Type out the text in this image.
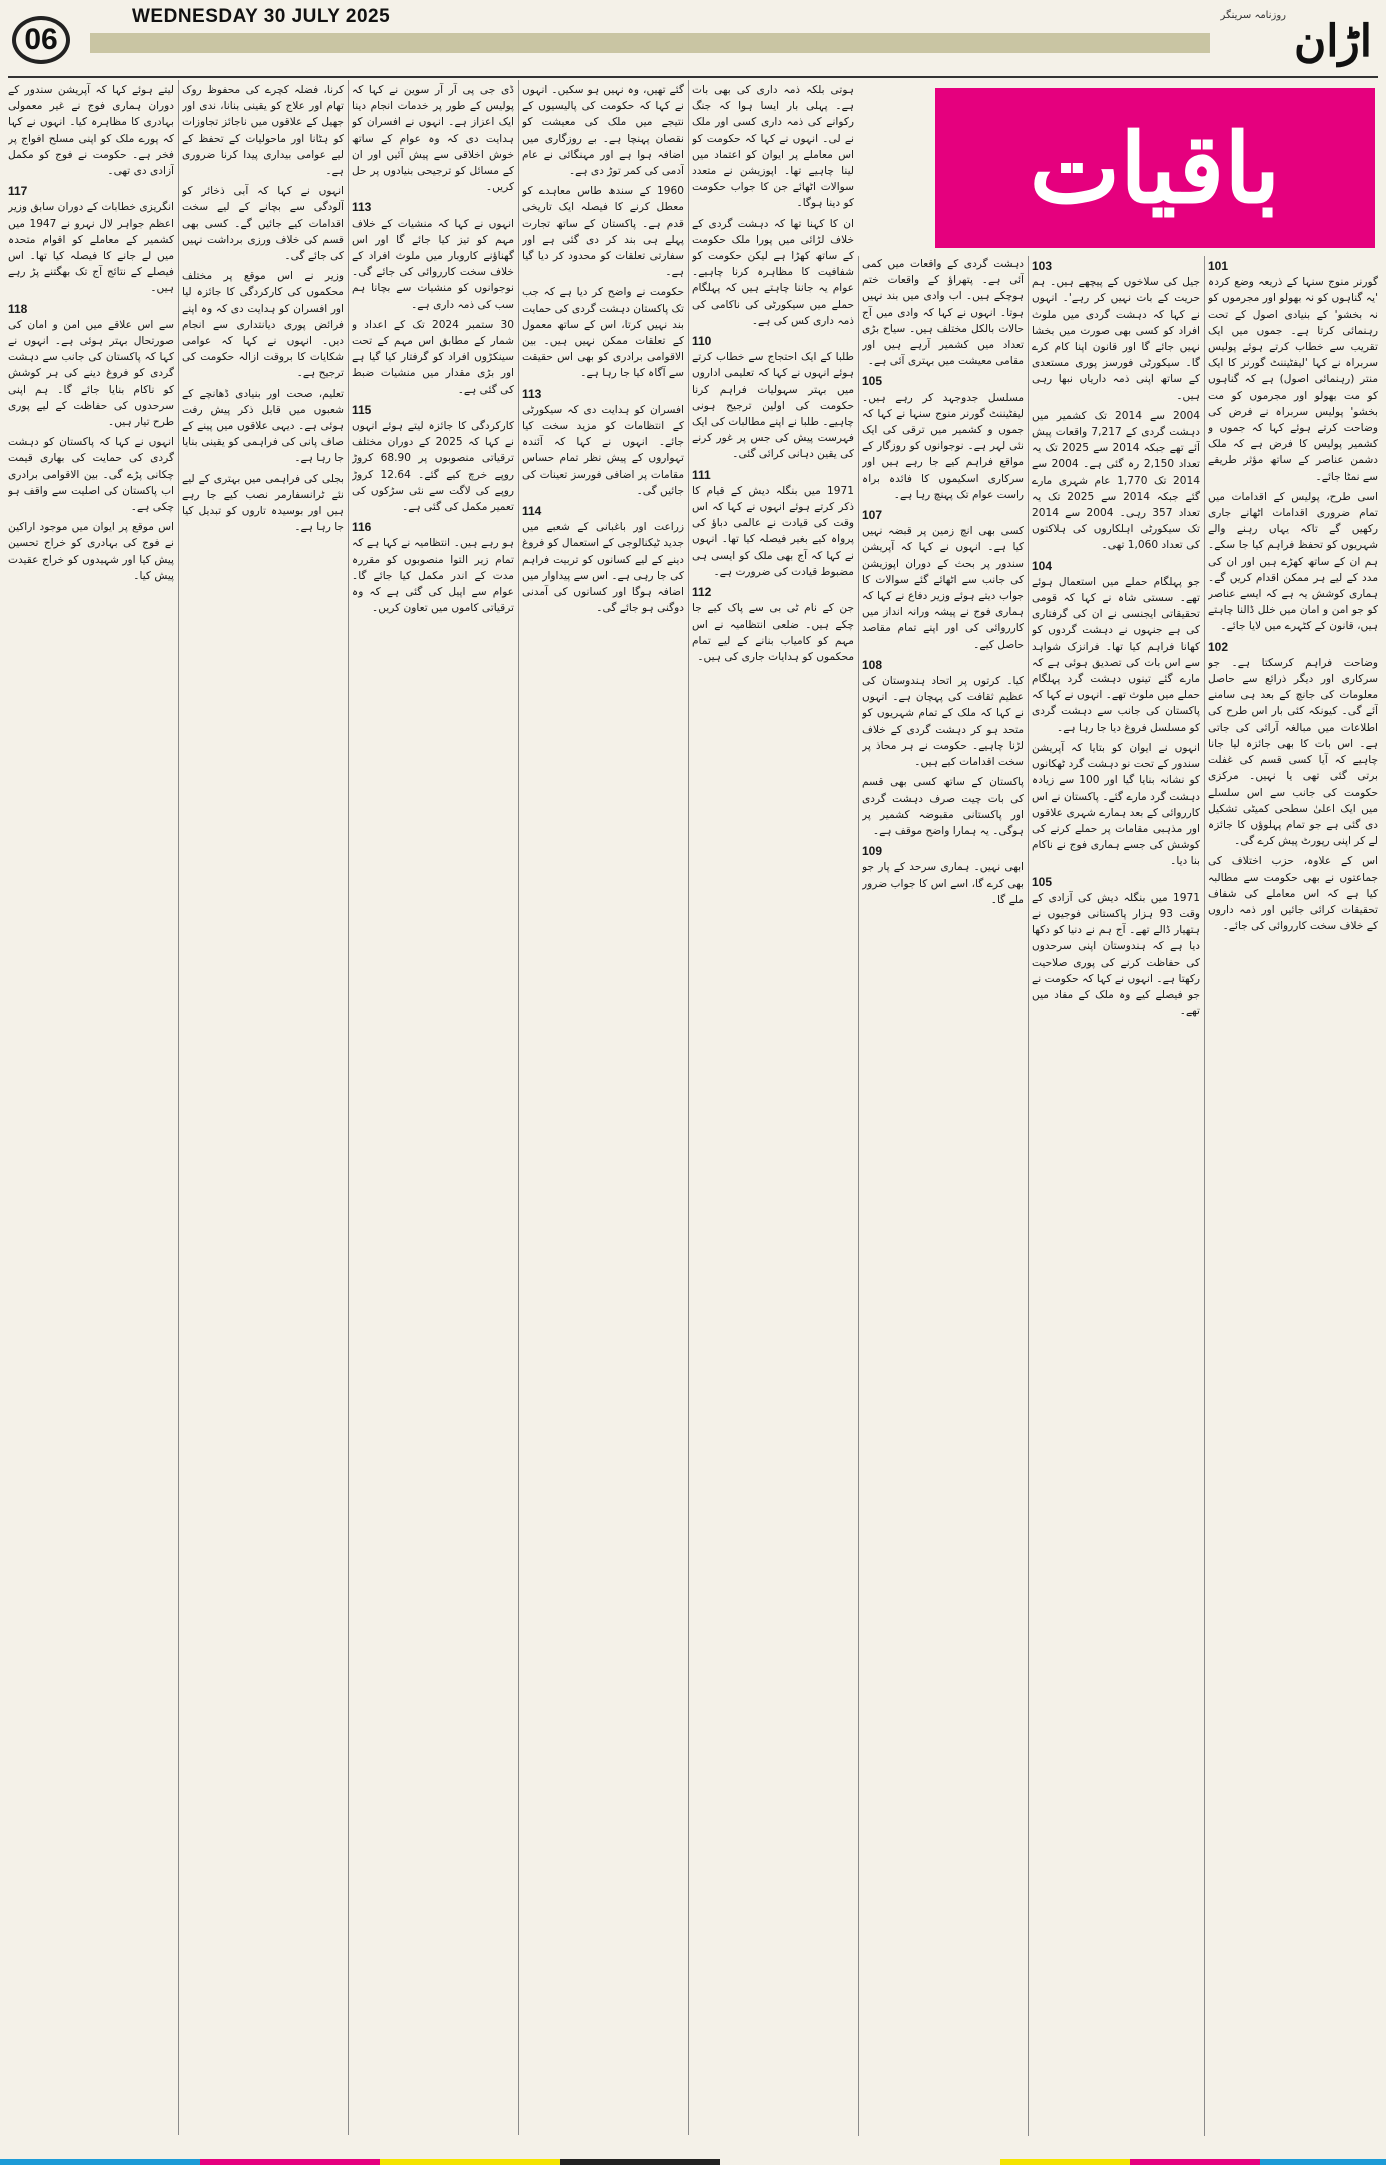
06
WEDNESDAY 30 JULY 2025	روزنامہ سرینگر
اڑان
باقیات
101

گورنر منوج سنہا کے ذریعہ وضع کردہ 'یہ گناہوں کو نہ بھولو اور مجرموں کو نہ بخشو' کے بنیادی اصول کے تحت رہنمائی کرتا ہے۔ جموں میں ایک تقریب سے خطاب کرتے ہوئے پولیس سربراہ نے کہا 'لیفٹیننٹ گورنر کا ایک منتر (رہنمائی اصول) ہے کہ گناہوں کو مت بھولو اور مجرموں کو مت بخشو' پولیس سربراہ نے فرض کی وضاحت کرتے ہوئے کہا کہ جموں و کشمیر پولیس کا فرض ہے کہ ملک دشمن عناصر کے ساتھ مؤثر طریقے سے نمٹا جائے۔

اسی طرح، پولیس کے اقدامات میں تمام ضروری اقدامات اٹھانے جاری رکھیں گے تاکہ یہاں رہنے والے شہریوں کو تحفظ فراہم کیا جا سکے۔ ہم ان کے ساتھ کھڑے ہیں اور ان کی مدد کے لیے ہر ممکن اقدام کریں گے۔ ہماری کوشش یہ ہے کہ ایسے عناصر کو جو امن و امان میں خلل ڈالنا چاہتے ہیں، قانون کے کٹہرے میں لایا جائے۔

102

وضاحت فراہم کرسکتا ہے۔ جو سرکاری اور دیگر ذرائع سے حاصل معلومات کی جانچ کے بعد ہی سامنے آئے گی۔ کیونکہ کئی بار اس طرح کی اطلاعات میں مبالغہ آرائی کی جاتی ہے۔ اس بات کا بھی جائزہ لیا جانا چاہیے کہ آیا کسی قسم کی غفلت برتی گئی تھی یا نہیں۔ مرکزی حکومت کی جانب سے اس سلسلے میں ایک اعلیٰ سطحی کمیٹی تشکیل دی گئی ہے جو تمام پہلوؤں کا جائزہ لے کر اپنی رپورٹ پیش کرے گی۔

اس کے علاوہ، حزب اختلاف کی جماعتوں نے بھی حکومت سے مطالبہ کیا ہے کہ اس معاملے کی شفاف تحقیقات کرائی جائیں اور ذمہ داروں کے خلاف سخت کارروائی کی جائے۔

103

جیل کی سلاخوں کے پیچھے ہیں۔ ہم حریت کے بات نہیں کر رہے'۔ انہوں نے کہا کہ دہشت گردی میں ملوث افراد کو کسی بھی صورت میں بخشا نہیں جائے گا اور قانون اپنا کام کرے گا۔ سیکورٹی فورسز پوری مستعدی کے ساتھ اپنی ذمہ داریاں نبھا رہی ہیں۔

2004 سے 2014 تک کشمیر میں دہشت گردی کے 7,217 واقعات پیش آئے تھے جبکہ 2014 سے 2025 تک یہ تعداد 2,150 رہ گئی ہے۔ 2004 سے 2014 تک 1,770 عام شہری مارے گئے جبکہ 2014 سے 2025 تک یہ تعداد 357 رہی۔ 2004 سے 2014 تک سیکورٹی اہلکاروں کی ہلاکتوں کی تعداد 1,060 تھی۔

104

جو پہلگام حملے میں استعمال ہوئے تھے۔ سستی شاہ نے کہا کہ قومی تحقیقاتی ایجنسی نے ان کی گرفتاری کی ہے جنہوں نے دہشت گردوں کو کھانا فراہم کیا تھا۔ فرانزک شواہد سے اس بات کی تصدیق ہوئی ہے کہ مارے گئے تینوں دہشت گرد پہلگام حملے میں ملوث تھے۔ انہوں نے کہا کہ پاکستان کی جانب سے دہشت گردی کو مسلسل فروغ دیا جا رہا ہے۔

انہوں نے ایوان کو بتایا کہ آپریشن سندور کے تحت نو دہشت گرد ٹھکانوں کو نشانہ بنایا گیا اور 100 سے زیادہ دہشت گرد مارے گئے۔ پاکستان نے اس کارروائی کے بعد ہمارے شہری علاقوں اور مذہبی مقامات پر حملے کرنے کی کوشش کی جسے ہماری فوج نے ناکام بنا دیا۔

105

1971 میں بنگلہ دیش کی آزادی کے وقت 93 ہزار پاکستانی فوجیوں نے ہتھیار ڈالے تھے۔ آج ہم نے دنیا کو دکھا دیا ہے کہ ہندوستان اپنی سرحدوں کی حفاظت کرنے کی پوری صلاحیت رکھتا ہے۔ انہوں نے کہا کہ حکومت نے جو فیصلے کیے وہ ملک کے مفاد میں تھے۔

دہشت گردی کے واقعات میں کمی آئی ہے۔ پتھراؤ کے واقعات ختم ہوچکے ہیں۔ اب وادی میں بند نہیں ہوتا۔ انہوں نے کہا کہ وادی میں آج حالات بالکل مختلف ہیں۔ سیاح بڑی تعداد میں کشمیر آرہے ہیں اور مقامی معیشت میں بہتری آئی ہے۔

105

مسلسل جدوجہد کر رہے ہیں۔ لیفٹیننٹ گورنر منوج سنہا نے کہا کہ جموں و کشمیر میں ترقی کی ایک نئی لہر ہے۔ نوجوانوں کو روزگار کے مواقع فراہم کیے جا رہے ہیں اور سرکاری اسکیموں کا فائدہ براہ راست عوام تک پہنچ رہا ہے۔

107

کسی بھی انچ زمین پر قبضہ نہیں کیا ہے۔ انہوں نے کہا کہ آپریشن سندور پر بحث کے دوران اپوزیشن کی جانب سے اٹھائے گئے سوالات کا جواب دیتے ہوئے وزیر دفاع نے کہا کہ ہماری فوج نے پیشہ ورانہ انداز میں کارروائی کی اور اپنے تمام مقاصد حاصل کیے۔

108

کیا۔ کرتوں پر اتحاد ہندوستان کی عظیم ثقافت کی پہچان ہے۔ انہوں نے کہا کہ ملک کے تمام شہریوں کو متحد ہو کر دہشت گردی کے خلاف لڑنا چاہیے۔ حکومت نے ہر محاذ پر سخت اقدامات کیے ہیں۔

پاکستان کے ساتھ کسی بھی قسم کی بات چیت صرف دہشت گردی اور پاکستانی مقبوضہ کشمیر پر ہوگی۔ یہ ہمارا واضح موقف ہے۔

109

ابھی نہیں۔ ہماری سرحد کے پار جو بھی کرے گا، اسے اس کا جواب ضرور ملے گا۔

ہوتی بلکہ ذمہ داری کی بھی بات ہے۔ پہلی بار ایسا ہوا کہ جنگ رکوانے کی ذمہ داری کسی اور ملک نے لی۔ انہوں نے کہا کہ حکومت کو اس معاملے پر ایوان کو اعتماد میں لینا چاہیے تھا۔ اپوزیشن نے متعدد سوالات اٹھائے جن کا جواب حکومت کو دینا ہوگا۔

ان کا کہنا تھا کہ دہشت گردی کے خلاف لڑائی میں پورا ملک حکومت کے ساتھ کھڑا ہے لیکن حکومت کو شفافیت کا مظاہرہ کرنا چاہیے۔ عوام یہ جاننا چاہتے ہیں کہ پہلگام حملے میں سیکورٹی کی ناکامی کی ذمہ داری کس کی ہے۔

110

طلبا کے ایک احتجاج سے خطاب کرتے ہوئے انہوں نے کہا کہ تعلیمی اداروں میں بہتر سہولیات فراہم کرنا حکومت کی اولین ترجیح ہونی چاہیے۔ طلبا نے اپنے مطالبات کی ایک فہرست پیش کی جس پر غور کرنے کی یقین دہانی کرائی گئی۔

111

1971 میں بنگلہ دیش کے قیام کا ذکر کرتے ہوئے انہوں نے کہا کہ اس وقت کی قیادت نے عالمی دباؤ کی پرواہ کیے بغیر فیصلہ کیا تھا۔ انہوں نے کہا کہ آج بھی ملک کو ایسی ہی مضبوط قیادت کی ضرورت ہے۔

112

جن کے نام ٹی بی سے پاک کیے جا چکے ہیں۔ ضلعی انتظامیہ نے اس مہم کو کامیاب بنانے کے لیے تمام محکموں کو ہدایات جاری کی ہیں۔

گئے تھیں، وہ نہیں ہو سکیں۔ انہوں نے کہا کہ حکومت کی پالیسیوں کے نتیجے میں ملک کی معیشت کو نقصان پہنچا ہے۔ بے روزگاری میں اضافہ ہوا ہے اور مہنگائی نے عام آدمی کی کمر توڑ دی ہے۔

1960 کے سندھ طاس معاہدے کو معطل کرنے کا فیصلہ ایک تاریخی قدم ہے۔ پاکستان کے ساتھ تجارت پہلے ہی بند کر دی گئی ہے اور سفارتی تعلقات کو محدود کر دیا گیا ہے۔

حکومت نے واضح کر دیا ہے کہ جب تک پاکستان دہشت گردی کی حمایت بند نہیں کرتا، اس کے ساتھ معمول کے تعلقات ممکن نہیں ہیں۔ بین الاقوامی برادری کو بھی اس حقیقت سے آگاہ کیا جا رہا ہے۔

113

افسران کو ہدایت دی کہ سیکورٹی کے انتظامات کو مزید سخت کیا جائے۔ انہوں نے کہا کہ آئندہ تہواروں کے پیش نظر تمام حساس مقامات پر اضافی فورسز تعینات کی جائیں گی۔

114

زراعت اور باغبانی کے شعبے میں جدید ٹیکنالوجی کے استعمال کو فروغ دینے کے لیے کسانوں کو تربیت فراہم کی جا رہی ہے۔ اس سے پیداوار میں اضافہ ہوگا اور کسانوں کی آمدنی دوگنی ہو جائے گی۔

ڈی جی پی آر آر سوین نے کہا کہ پولیس کے طور پر خدمات انجام دینا ایک اعزاز ہے۔ انہوں نے افسران کو ہدایت دی کہ وہ عوام کے ساتھ خوش اخلاقی سے پیش آئیں اور ان کے مسائل کو ترجیحی بنیادوں پر حل کریں۔

113

انہوں نے کہا کہ منشیات کے خلاف مہم کو تیز کیا جائے گا اور اس گھناؤنے کاروبار میں ملوث افراد کے خلاف سخت کارروائی کی جائے گی۔ نوجوانوں کو منشیات سے بچانا ہم سب کی ذمہ داری ہے۔

30 ستمبر 2024 تک کے اعداد و شمار کے مطابق اس مہم کے تحت سینکڑوں افراد کو گرفتار کیا گیا ہے اور بڑی مقدار میں منشیات ضبط کی گئی ہے۔

115

کارکردگی کا جائزہ لیتے ہوئے انہوں نے کہا کہ 2025 کے دوران مختلف ترقیاتی منصوبوں پر 68.90 کروڑ روپے خرچ کیے گئے۔ 12.64 کروڑ روپے کی لاگت سے نئی سڑکوں کی تعمیر مکمل کی گئی ہے۔

116

ہو رہے ہیں۔ انتظامیہ نے کہا ہے کہ تمام زیر التوا منصوبوں کو مقررہ مدت کے اندر مکمل کیا جائے گا۔ عوام سے اپیل کی گئی ہے کہ وہ ترقیاتی کاموں میں تعاون کریں۔

کرنا، فضلہ کچرے کی محفوظ روک تھام اور علاج کو یقینی بنانا، ندی اور جھیل کے علاقوں میں ناجائز تجاوزات کو ہٹانا اور ماحولیات کے تحفظ کے لیے عوامی بیداری پیدا کرنا ضروری ہے۔

انہوں نے کہا کہ آبی ذخائر کو آلودگی سے بچانے کے لیے سخت اقدامات کیے جائیں گے۔ کسی بھی قسم کی خلاف ورزی برداشت نہیں کی جائے گی۔

وزیر نے اس موقع پر مختلف محکموں کی کارکردگی کا جائزہ لیا اور افسران کو ہدایت دی کہ وہ اپنے فرائض پوری دیانتداری سے انجام دیں۔ انہوں نے کہا کہ عوامی شکایات کا بروقت ازالہ حکومت کی ترجیح ہے۔

تعلیم، صحت اور بنیادی ڈھانچے کے شعبوں میں قابل ذکر پیش رفت ہوئی ہے۔ دیہی علاقوں میں پینے کے صاف پانی کی فراہمی کو یقینی بنایا جا رہا ہے۔

بجلی کی فراہمی میں بہتری کے لیے نئے ٹرانسفارمر نصب کیے جا رہے ہیں اور بوسیدہ تاروں کو تبدیل کیا جا رہا ہے۔

لیتے ہوئے کہا کہ آپریشن سندور کے دوران ہماری فوج نے غیر معمولی بہادری کا مظاہرہ کیا۔ انہوں نے کہا کہ پورے ملک کو اپنی مسلح افواج پر فخر ہے۔ حکومت نے فوج کو مکمل آزادی دی تھی۔

117

انگریزی خطابات کے دوران سابق وزیر اعظم جواہر لال نہرو نے 1947 میں کشمیر کے معاملے کو اقوام متحدہ میں لے جانے کا فیصلہ کیا تھا۔ اس فیصلے کے نتائج آج تک بھگتنے پڑ رہے ہیں۔

118

سے اس علاقے میں امن و امان کی صورتحال بہتر ہوئی ہے۔ انہوں نے کہا کہ پاکستان کی جانب سے دہشت گردی کو فروغ دینے کی ہر کوشش کو ناکام بنایا جائے گا۔ ہم اپنی سرحدوں کی حفاظت کے لیے پوری طرح تیار ہیں۔

انہوں نے کہا کہ پاکستان کو دہشت گردی کی حمایت کی بھاری قیمت چکانی پڑے گی۔ بین الاقوامی برادری اب پاکستان کی اصلیت سے واقف ہو چکی ہے۔

اس موقع پر ایوان میں موجود اراکین نے فوج کی بہادری کو خراج تحسین پیش کیا اور شہیدوں کو خراج عقیدت پیش کیا۔
